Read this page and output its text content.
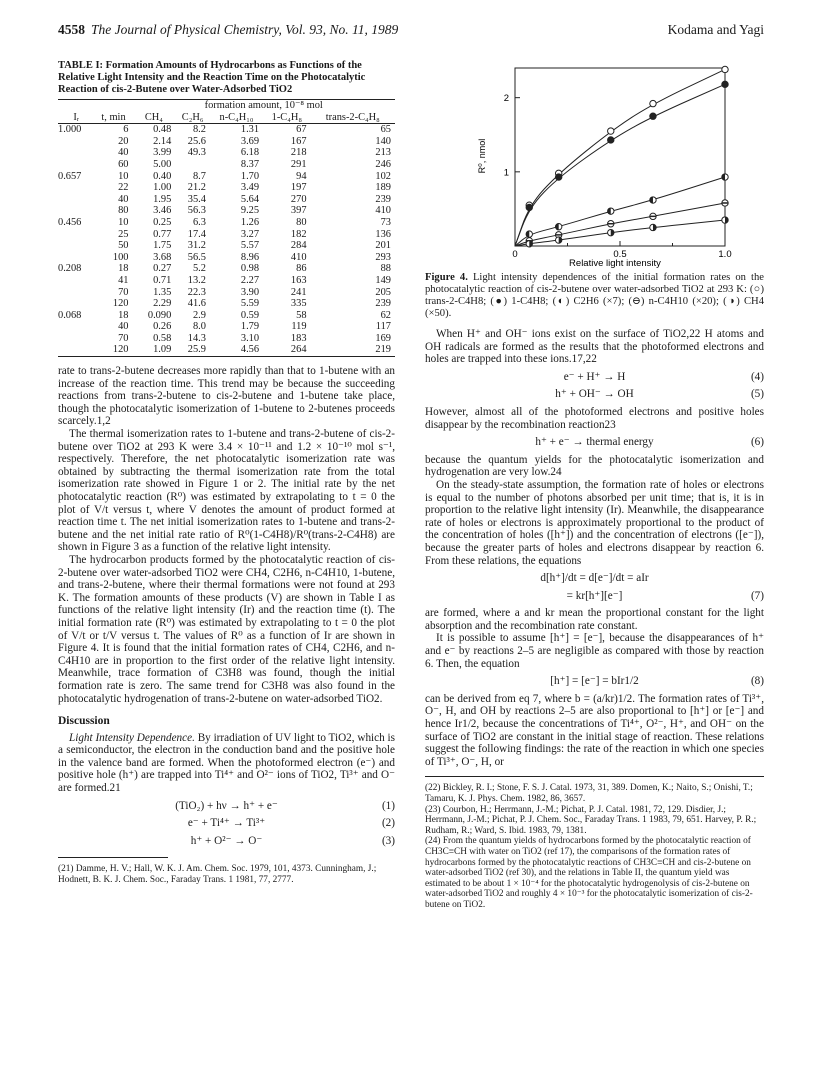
4558 The Journal of Physical Chemistry, Vol. 93, No. 11, 1989	Kodama and Yagi
TABLE I: Formation Amounts of Hydrocarbons as Functions of the Relative Light Intensity and the Reaction Time on the Photocatalytic Reaction of cis-2-Butene over Water-Adsorbed TiO2
		formation amount, 10⁻⁸ mol				
Iᵣ	t, min	CH₄	C₂H₆	n-C₄H₁₀	1-C₄H₈	trans-2-C₄H₈
1.000	6	0.48	8.2	1.31	67	65
	20	2.14	25.6	3.69	167	140
	40	3.99	49.3	6.18	218	213
	60	5.00		8.37	291	246
0.657	10	0.40	8.7	1.70	94	102
	22	1.00	21.2	3.49	197	189
	40	1.95	35.4	5.64	270	239
	80	3.46	56.3	9.25	397	410
0.456	10	0.25	6.3	1.26	80	73
	25	0.77	17.4	3.27	182	136
	50	1.75	31.2	5.57	284	201
	100	3.68	56.5	8.96	410	293
0.208	18	0.27	5.2	0.98	86	88
	41	0.71	13.2	2.27	163	149
	70	1.35	22.3	3.90	241	205
	120	2.29	41.6	5.59	335	239
0.068	18	0.090	2.9	0.59	58	62
	40	0.26	8.0	1.79	119	117
	70	0.58	14.3	3.10	183	169
	120	1.09	25.9	4.56	264	219

rate to trans-2-butene decreases more rapidly than that to 1-butene with an increase of the reaction time. This trend may be because the succeeding reactions from trans-2-butene to cis-2-butene and 1-butene take place, though the photocatalytic isomerization of 1-butene to 2-butenes proceeds scarcely.1,2

The thermal isomerization rates to 1-butene and trans-2-butene of cis-2-butene over TiO2 at 293 K were 3.4 × 10⁻¹¹ and 1.2 × 10⁻¹⁰ mol s⁻¹, respectively. Therefore, the net photocatalytic isomerization rate was obtained by subtracting the thermal isomerization rate from the total isomerization rate showed in Figure 1 or 2. The initial rate by the net photocatalytic reaction (R⁰) was estimated by extrapolating to t = 0 the plot of V/t versus t, where V denotes the amount of product formed at reaction time t. The net initial isomerization rates to 1-butene and trans-2-butene and the net initial rate ratio of R⁰(1-C4H8)/R⁰(trans-2-C4H8) are shown in Figure 3 as a function of the relative light intensity.

The hydrocarbon products formed by the photocatalytic reaction of cis-2-butene over water-adsorbed TiO2 were CH4, C2H6, n-C4H10, 1-butene, and trans-2-butene, where their thermal formations were not found at 293 K. The formation amounts of these products (V) are shown in Table I as functions of the relative light intensity (Ir) and the reaction time (t). The initial formation rate (R⁰) was estimated by extrapolating to t = 0 the plot of V/t or t/V versus t. The values of R⁰ as a function of Ir are shown in Figure 4. It is found that the initial formation rates of CH4, C2H6, and n-C4H10 are in proportion to the first order of the relative light intensity. Meanwhile, trace formation of C3H8 was found, though the initial formation rate is zero. The same trend for C3H8 was also found in the photocatalytic hydrogenation of trans-2-butene on water-adsorbed TiO2.

Discussion

Light Intensity Dependence. By irradiation of UV light to TiO2, which is a semiconductor, the electron in the conduction band and the positive hole in the valence band are formed. When the photoformed electron (e⁻) and positive hole (h⁺) are trapped into Ti⁴⁺ and O²⁻ ions of TiO2, Ti³⁺ and O⁻ are formed.21

(TiO₂) + hν → h⁺ + e⁻	(1)
e⁻ + Ti⁴⁺ → Ti³⁺	(2)
h⁺ + O²⁻ → O⁻	(3)
(21) Damme, H. V.; Hall, W. K. J. Am. Chem. Soc. 1979, 101, 4373. Cunningham, J.; Hodnett, B. K. J. Chem. Soc., Faraday Trans. 1 1981, 77, 2777.
0	0.5	1.0
1
2
R⁰, nmol
Relative light intensity
Figure 4. Light intensity dependences of the initial formation rates on the photocatalytic reaction of cis-2-butene over water-adsorbed TiO2 at 293 K: (○) trans-2-C4H8; (●) 1-C4H8; (◐) C2H6 (×7); (⊖) n-C4H10 (×20); (◑) CH4 (×50).

When H⁺ and OH⁻ ions exist on the surface of TiO2,22 H atoms and OH radicals are formed as the results that the photoformed electrons and holes are trapped into these ions.17,22

e⁻ + H⁺ → H	(4)
h⁺ + OH⁻ → OH	(5)

However, almost all of the photoformed electrons and positive holes disappear by the recombination reaction23

h⁺ + e⁻ → thermal energy	(6)

because the quantum yields for the photocatalytic isomerization and hydrogenation are very low.24

On the steady-state assumption, the formation rate of holes or electrons is equal to the number of photons absorbed per unit time; that is, it is in proportion to the relative light intensity (Ir). Meanwhile, the disappearance rate of holes or electrons is approximately proportional to the product of the concentration of holes ([h⁺]) and the concentration of electrons ([e⁻]), because the greater parts of holes and electrons disappear by reaction 6. From these relations, the equations

d[h⁺]/dt = d[e⁻]/dt = aIr
= kr[h⁺][e⁻]	(7)

are formed, where a and kr mean the proportional constant for the light absorption and the recombination rate constant.

It is possible to assume [h⁺] = [e⁻], because the disappearances of h⁺ and e⁻ by reactions 2–5 are negligible as compared with those by reaction 6. Then, the equation

[h⁺] = [e⁻] = bIr1/2	(8)

can be derived from eq 7, where b = (a/kr)1/2. The formation rates of Ti³⁺, O⁻, H, and OH by reactions 2–5 are also proportional to [h⁺] or [e⁻] and hence Ir1/2, because the concentrations of Ti⁴⁺, O²⁻, H⁺, and OH⁻ on the surface of TiO2 are constant in the initial stage of reaction. These relations suggest the following findings: the rate of the reaction in which one species of Ti³⁺, O⁻, H, or

(22) Bickley, R. I.; Stone, F. S. J. Catal. 1973, 31, 389. Domen, K.; Naito, S.; Onishi, T.; Tamaru, K. J. Phys. Chem. 1982, 86, 3657.
(23) Courbon, H.; Herrmann, J.-M.; Pichat, P. J. Catal. 1981, 72, 129. Disdier, J.; Herrmann, J.-M.; Pichat, P. J. Chem. Soc., Faraday Trans. 1 1983, 79, 651. Harvey, P. R.; Rudham, R.; Ward, S. Ibid. 1983, 79, 1381.
(24) From the quantum yields of hydrocarbons formed by the photocatalytic reaction of CH3C≡CH with water on TiO2 (ref 17), the comparisons of the formation rates of hydrocarbons formed by the photocatalytic reactions of CH3C≡CH and cis-2-butene on water-adsorbed TiO2 (ref 30), and the relations in Table II, the quantum yield was estimated to be about 1 × 10⁻⁴ for the photocatalytic hydrogenolysis of cis-2-butene on water-adsorbed TiO2 and roughly 4 × 10⁻³ for the photocatalytic isomerization of cis-2-butene on TiO2.
